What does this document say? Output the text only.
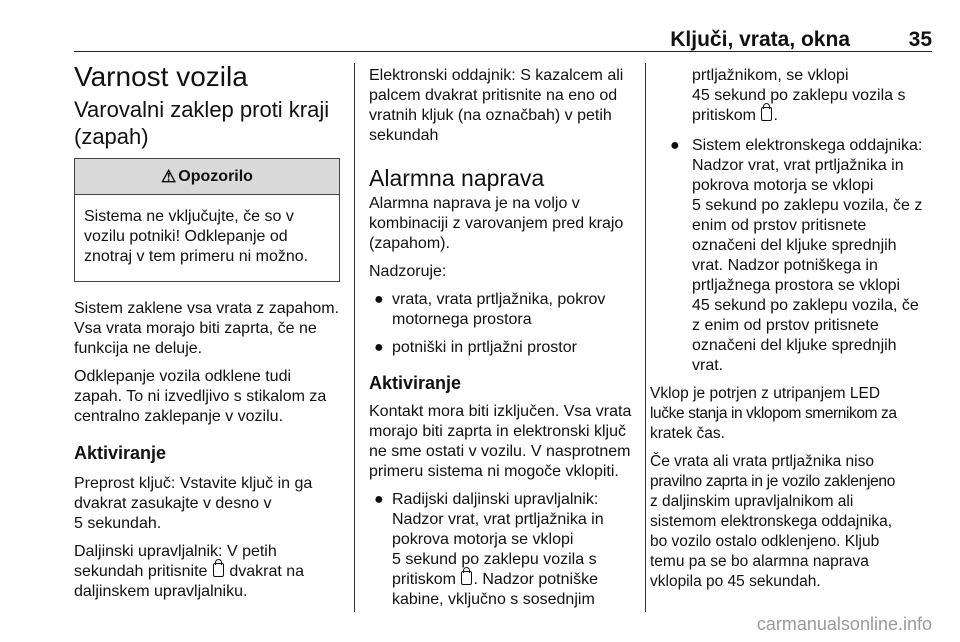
Ključi, vrata, okna	35
Varnost vozila
Varovalni zaklep proti kraji
(zapah)
⚠ Opozorilo

Sistema ne vključujte, če so v
vozilu potniki! Odklepanje od
znotraj v tem primeru ni možno.

Sistem zaklene vsa vrata z zapahom.
Vsa vrata morajo biti zaprta, če ne
funkcija ne deluje.

Odklepanje vozila odklene tudi
zapah. To ni izvedljivo s stikalom za
centralno zaklepanje v vozilu.

Aktiviranje

Preprost ključ: Vstavite ključ in ga
dvakrat zasukajte v desno v
5 sekundah.

Daljinski upravljalnik: V petih
sekundah pritisnite dvakrat na
daljinskem upravljalniku.

Elektronski oddajnik: S kazalcem ali
palcem dvakrat pritisnite na eno od
vratnih kljuk (na označbah) v petih
sekundah

Alarmna naprava

Alarmna naprava je na voljo v
kombinaciji z varovanjem pred krajo
(zapahom).

Nadzoruje:

● vrata, vrata prtljažnika, pokrov
motornega prostora
● potniški in prtljažni prostor
Aktiviranje

Kontakt mora biti izključen. Vsa vrata
morajo biti zaprta in elektronski ključ
ne sme ostati v vozilu. V nasprotnem
primeru sistema ni mogoče vklopiti.

● Radijski daljinski upravljalnik:
Nadzor vrat, vrat prtljažnika in
pokrova motorja se vklopi
5 sekund po zaklepu vozila s
pritiskom . Nadzor potniške
kabine, vključno s sosednjim

prtljažnikom, se vklopi
45 sekund po zaklepu vozila s
pritiskom .

● Sistem elektronskega oddajnika:
Nadzor vrat, vrat prtljažnika in
pokrova motorja se vklopi
5 sekund po zaklepu vozila, če z
enim od prstov pritisnete
označeni del kljuke sprednjih
vrat. Nadzor potniškega in
prtljažnega prostora se vklopi
45 sekund po zaklepu vozila, če
z enim od prstov pritisnete
označeni del kljuke sprednjih
vrat.

Vklop je potrjen z utripanjem LED
lučke stanja in vklopom smernikom za
kratek čas.

Če vrata ali vrata prtljažnika niso
pravilno zaprta in je vozilo zaklenjeno
z daljinskim upravljalnikom ali
sistemom elektronskega oddajnika,
bo vozilo ostalo odklenjeno. Kljub
temu pa se bo alarmna naprava
vklopila po 45 sekundah.

carmanualsonline.info
